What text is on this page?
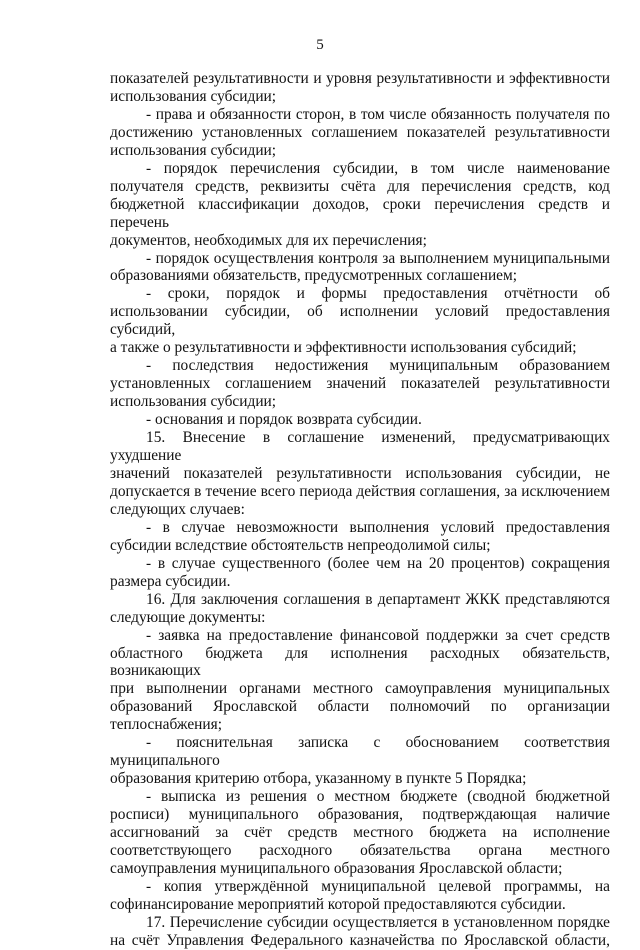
5

показателей результативности и уровня результативности и эффективности

использования субсидии;

- права и обязанности сторон, в том числе обязанность получателя по

достижению установленных соглашением показателей результативности

использования субсидии;

- порядок перечисления субсидии, в том числе наименование

получателя средств, реквизиты счёта для перечисления средств, код

бюджетной классификации доходов, сроки перечисления средств и перечень

документов, необходимых для их перечисления;

- порядок осуществления контроля за выполнением муниципальными

образованиями обязательств, предусмотренных соглашением;

- сроки, порядок и формы предоставления отчётности об

использовании субсидии, об исполнении условий предоставления субсидий,

а также о результативности и эффективности использования субсидий;

- последствия недостижения муниципальным образованием

установленных соглашением значений показателей результативности

использования субсидии;

- основания и порядок возврата субсидии.

15. Внесение в соглашение изменений, предусматривающих ухудшение

значений показателей результативности использования субсидии, не

допускается в течение всего периода действия соглашения, за исключением

следующих случаев:

- в случае невозможности выполнения условий предоставления

субсидии вследствие обстоятельств непреодолимой силы;

- в случае существенного (более чем на 20 процентов) сокращения

размера субсидии.

16. Для заключения соглашения в департамент ЖКК представляются

следующие документы:

- заявка на предоставление финансовой поддержки за счет средств

областного бюджета для исполнения расходных обязательств, возникающих

при выполнении органами местного самоуправления муниципальных

образований Ярославской области полномочий по организации

теплоснабжения;

- пояснительная записка с обоснованием соответствия муниципального

образования критерию отбора, указанному в пункте 5 Порядка;

- выписка из решения о местном бюджете (сводной бюджетной

росписи) муниципального образования, подтверждающая наличие

ассигнований за счёт средств местного бюджета на исполнение

соответствующего расходного обязательства органа местного

самоуправления муниципального образования Ярославской области;

- копия утверждённой муниципальной целевой программы, на

софинансирование мероприятий которой предоставляются субсидии.

17. Перечисление субсидии осуществляется в установленном порядке

на счёт Управления Федерального казначейства по Ярославской области,
